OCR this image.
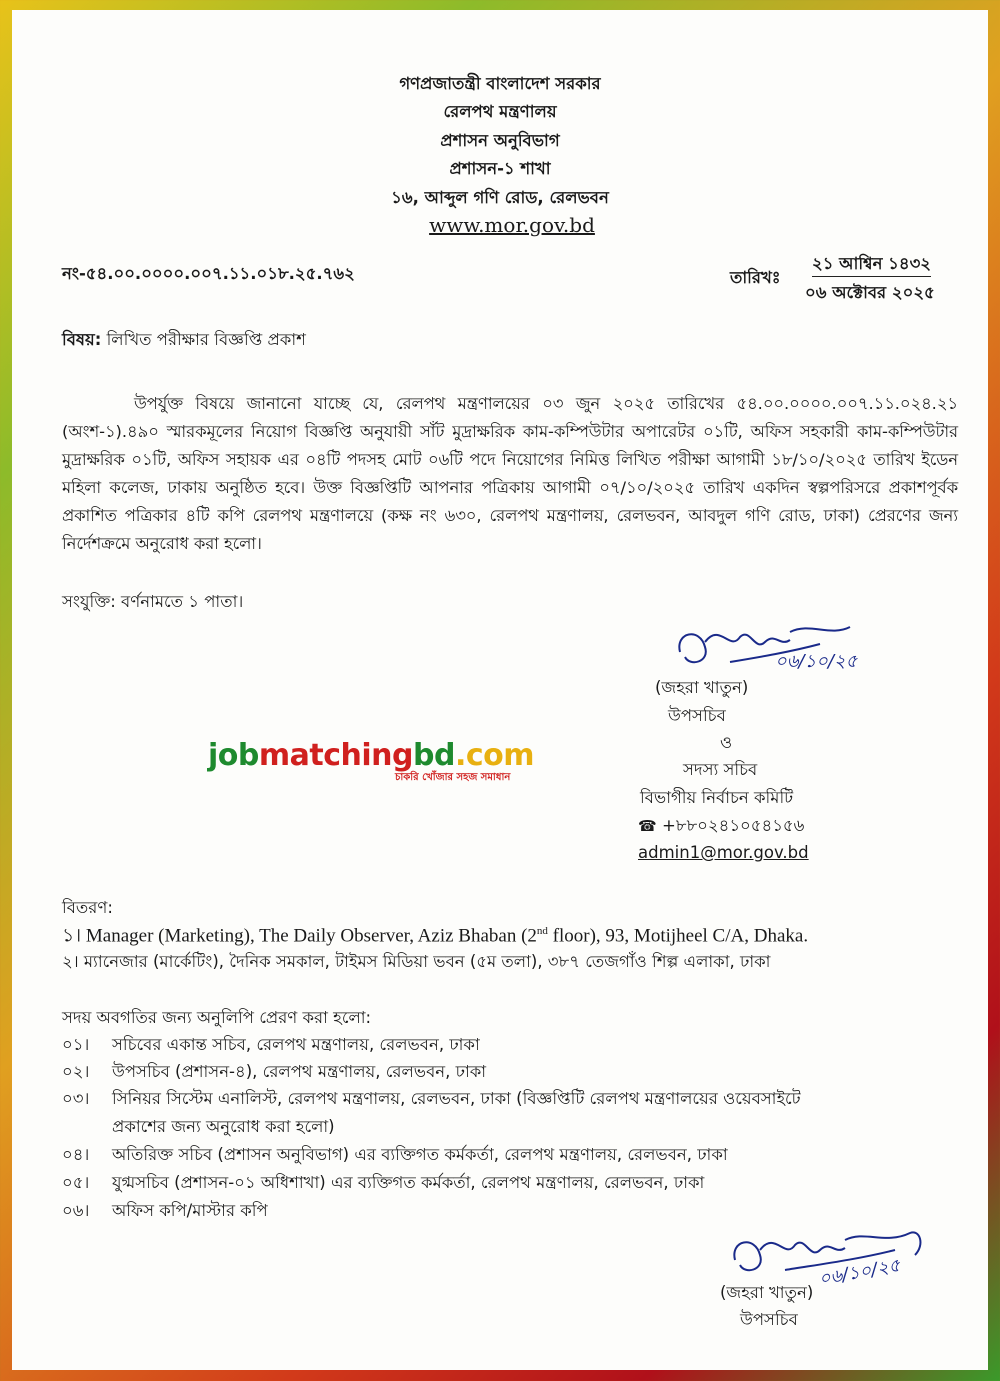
গণপ্রজাতন্ত্রী বাংলাদেশ সরকার
রেলপথ মন্ত্রণালয়
প্রশাসন অনুবিভাগ
প্রশাসন-১ শাখা
১৬, আব্দুল গণি রোড, রেলভবন
www.mor.gov.bd
নং-৫৪.০০.০০০০.০০৭.১১.০১৮.২৫.৭৬২	তারিখঃ
২১ আশ্বিন ১৪৩২
০৬ অক্টোবর ২০২৫
বিষয়: লিখিত পরীক্ষার বিজ্ঞপ্তি প্রকাশ
উপর্যুক্ত বিষয়ে জানানো যাচ্ছে যে, রেলপথ মন্ত্রণালয়ের ০৩ জুন ২০২৫ তারিখের ৫৪.০০.০০০০.০০৭.১১.০২৪.২১ (অংশ-১).৪৯০ স্মারকমূলের নিয়োগ বিজ্ঞপ্তি অনুযায়ী সাঁট মুদ্রাক্ষরিক কাম-কম্পিউটার অপারেটর ০১টি, অফিস সহকারী কাম-কম্পিউটার মুদ্রাক্ষরিক ০১টি, অফিস সহায়ক এর ০৪টি পদসহ মোট ০৬টি পদে নিয়োগের নিমিত্ত লিখিত পরীক্ষা আগামী ১৮/১০/২০২৫ তারিখ ইডেন মহিলা কলেজ, ঢাকায় অনুষ্ঠিত হবে। উক্ত বিজ্ঞপ্তিটি আপনার পত্রিকায় আগামী ০৭/১০/২০২৫ তারিখ একদিন স্বল্পপরিসরে প্রকাশপূর্বক প্রকাশিত পত্রিকার ৪টি কপি রেলপথ মন্ত্রণালয়ে (কক্ষ নং ৬৩০, রেলপথ মন্ত্রণালয়, রেলভবন, আবদুল গণি রোড, ঢাকা) প্রেরণের জন্য নির্দেশক্রমে অনুরোধ করা হলো।
সংযুক্তি: বর্ণনামতে ১ পাতা।
০৬/১০/২৫
(জহরা খাতুন)
উপসচিব
ও
সদস্য সচিব
বিভাগীয় নির্বাচন কমিটি
☎ +৮৮০২৪১০৫৪১৫৬
admin1@mor.gov.bd
jobmatchingbd.com
চাকরি খোঁজার সহজ সমাধান
বিতরণ:
১। Manager (Marketing), The Daily Observer, Aziz Bhaban (2nd floor), 93, Motijheel C/A, Dhaka.
২। ম্যানেজার (মার্কেটিং), দৈনিক সমকাল, টাইমস মিডিয়া ভবন (৫ম তলা), ৩৮৭ তেজগাঁও শিল্প এলাকা, ঢাকা
সদয় অবগতির জন্য অনুলিপি প্রেরণ করা হলো:
০১। সচিবের একান্ত সচিব, রেলপথ মন্ত্রণালয়, রেলভবন, ঢাকা
০২। উপসচিব (প্রশাসন-৪), রেলপথ মন্ত্রণালয়, রেলভবন, ঢাকা
০৩। সিনিয়র সিস্টেম এনালিস্ট, রেলপথ মন্ত্রণালয়, রেলভবন, ঢাকা (বিজ্ঞপ্তিটি রেলপথ মন্ত্রণালয়ের ওয়েবসাইটে
প্রকাশের জন্য অনুরোধ করা হলো)
০৪। অতিরিক্ত সচিব (প্রশাসন অনুবিভাগ) এর ব্যক্তিগত কর্মকর্তা, রেলপথ মন্ত্রণালয়, রেলভবন, ঢাকা
০৫। যুগ্মসচিব (প্রশাসন-০১ অধিশাখা) এর ব্যক্তিগত কর্মকর্তা, রেলপথ মন্ত্রণালয়, রেলভবন, ঢাকা
০৬। অফিস কপি/মাস্টার কপি
০৬/১০/২৫
(জহরা খাতুন)
উপসচিব
